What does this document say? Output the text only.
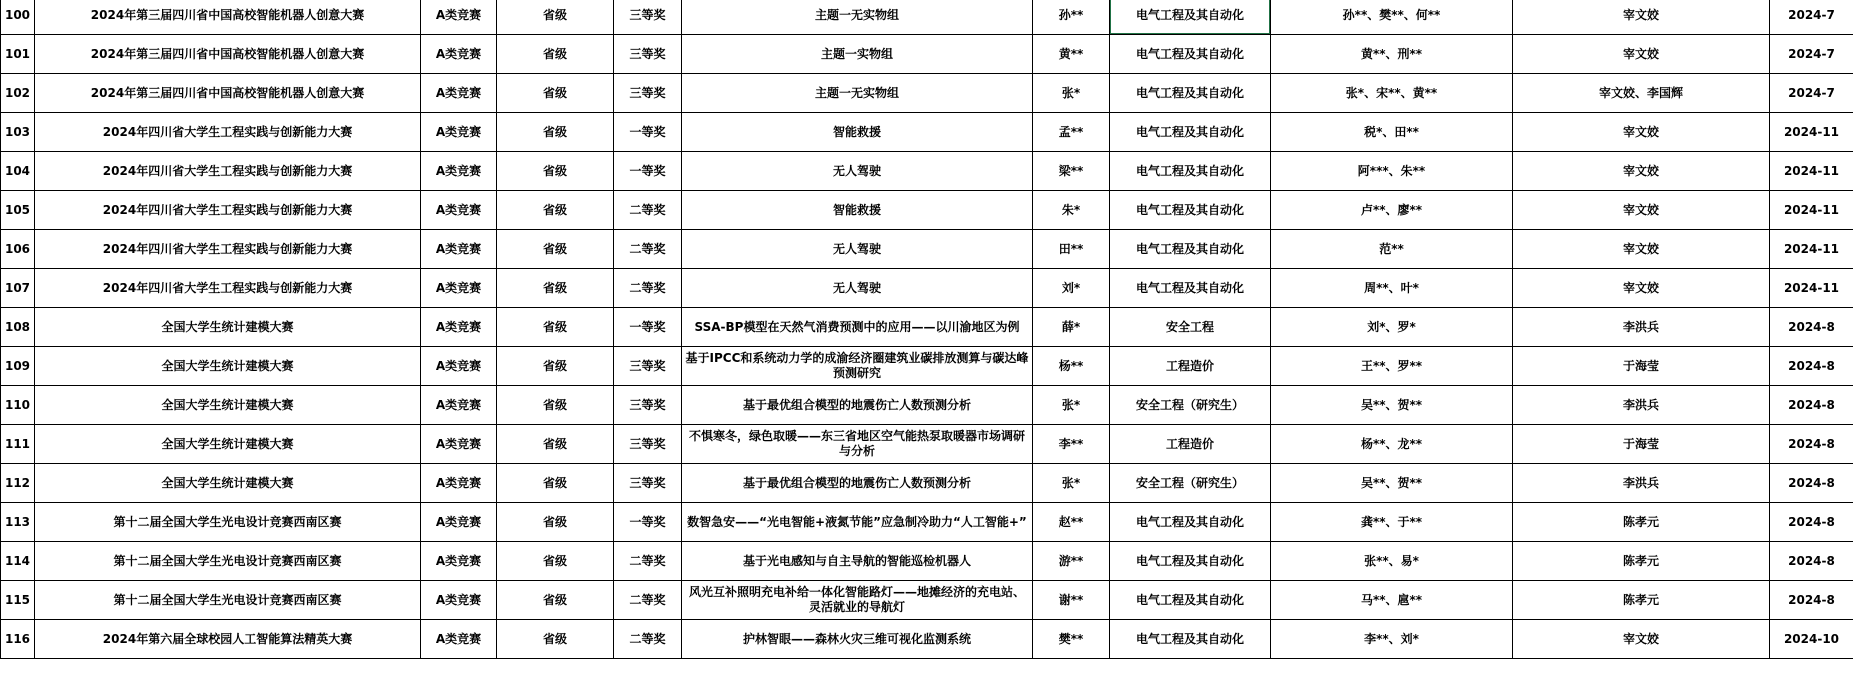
100	2024年第三届四川省中国高校智能机器人创意大赛	A类竞赛	省级	三等奖	主题一无实物组	孙**	电气工程及其自动化	孙**、樊**、何**	宰文姣	2024-7
101	2024年第三届四川省中国高校智能机器人创意大赛	A类竞赛	省级	三等奖	主题一实物组	黄**	电气工程及其自动化	黄**、刑**	宰文姣	2024-7
102	2024年第三届四川省中国高校智能机器人创意大赛	A类竞赛	省级	三等奖	主题一无实物组	张*	电气工程及其自动化	张*、宋**、黄**	宰文姣、李国辉	2024-7
103	2024年四川省大学生工程实践与创新能力大赛	A类竞赛	省级	一等奖	智能救援	孟**	电气工程及其自动化	税*、田**	宰文姣	2024-11
104	2024年四川省大学生工程实践与创新能力大赛	A类竞赛	省级	一等奖	无人驾驶	梁**	电气工程及其自动化	阿***、朱**	宰文姣	2024-11
105	2024年四川省大学生工程实践与创新能力大赛	A类竞赛	省级	二等奖	智能救援	朱*	电气工程及其自动化	卢**、廖**	宰文姣	2024-11
106	2024年四川省大学生工程实践与创新能力大赛	A类竞赛	省级	二等奖	无人驾驶	田**	电气工程及其自动化	范**	宰文姣	2024-11
107	2024年四川省大学生工程实践与创新能力大赛	A类竞赛	省级	二等奖	无人驾驶	刘*	电气工程及其自动化	周**、叶*	宰文姣	2024-11
108	全国大学生统计建模大赛	A类竞赛	省级	一等奖	SSA-BP模型在天然气消费预测中的应用——以川渝地区为例	薛*	安全工程	刘*、罗*	李洪兵	2024-8
109	全国大学生统计建模大赛	A类竞赛	省级	三等奖	基于IPCC和系统动力学的成渝经济圈建筑业碳排放测算与碳达峰预测研究	杨**	工程造价	王**、罗**	于海莹	2024-8
110	全国大学生统计建模大赛	A类竞赛	省级	三等奖	基于最优组合模型的地震伤亡人数预测分析	张*	安全工程（研究生）	吴**、贺**	李洪兵	2024-8
111	全国大学生统计建模大赛	A类竞赛	省级	三等奖	不惧寒冬，绿色取暖——东三省地区空气能热泵取暖器市场调研与分析	李**	工程造价	杨**、龙**	于海莹	2024-8
112	全国大学生统计建模大赛	A类竞赛	省级	三等奖	基于最优组合模型的地震伤亡人数预测分析	张*	安全工程（研究生）	吴**、贺**	李洪兵	2024-8
113	第十二届全国大学生光电设计竞赛西南区赛	A类竞赛	省级	一等奖	数智急安——“光电智能+液氮节能”应急制冷助力“人工智能+”	赵**	电气工程及其自动化	龚**、于**	陈孝元	2024-8
114	第十二届全国大学生光电设计竞赛西南区赛	A类竞赛	省级	二等奖	基于光电感知与自主导航的智能巡检机器人	游**	电气工程及其自动化	张**、易*	陈孝元	2024-8
115	第十二届全国大学生光电设计竞赛西南区赛	A类竞赛	省级	二等奖	风光互补照明充电补给一体化智能路灯——地摊经济的充电站、灵活就业的导航灯	谢**	电气工程及其自动化	马**、扈**	陈孝元	2024-8
116	2024年第六届全球校园人工智能算法精英大赛	A类竞赛	省级	二等奖	护林智眼——森林火灾三维可视化监测系统	樊**	电气工程及其自动化	李**、刘*	宰文姣	2024-10
